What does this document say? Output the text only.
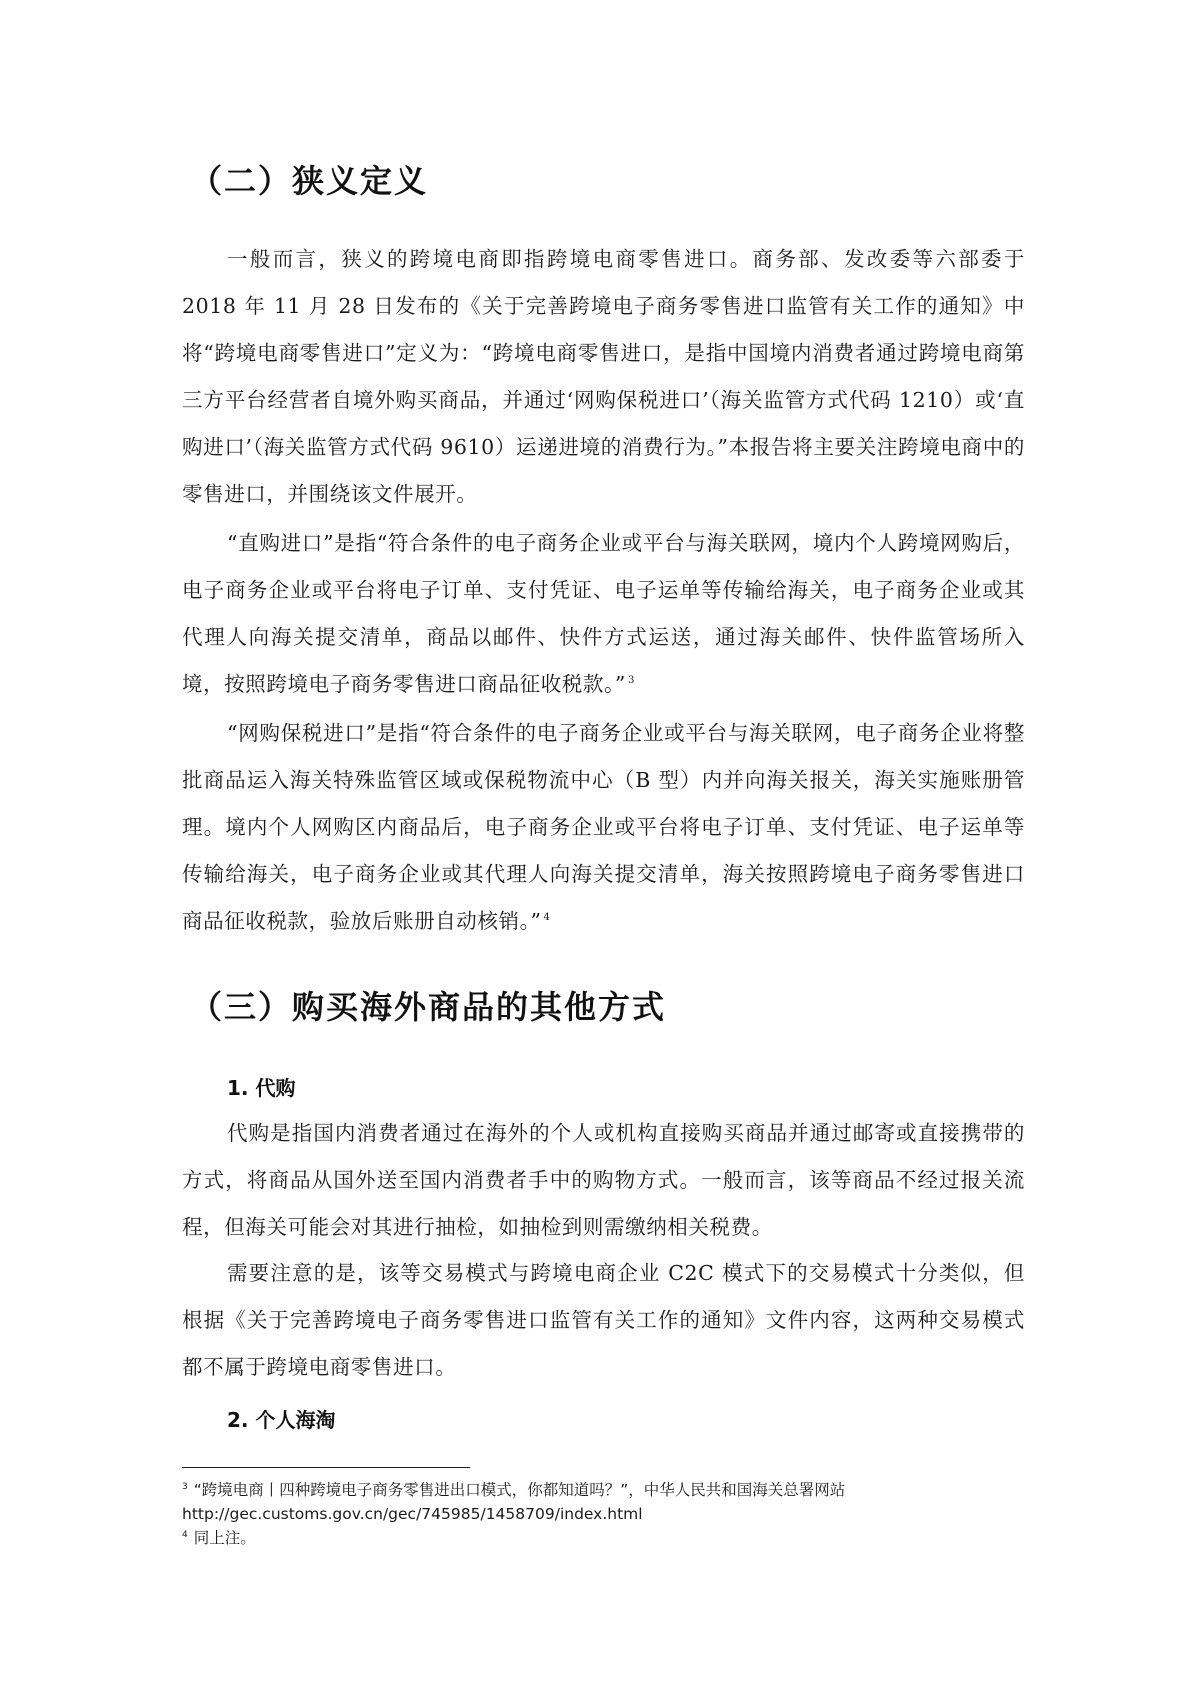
（二）狭义定义

一般而言，狭义的跨境电商即指跨境电商零售进口。商务部、发改委等六部委于 2018 年 11 月 28 日发布的《关于完善跨境电子商务零售进口监管有关工作的通知》中将“跨境电商零售进口”定义为：“跨境电商零售进口，是指中国境内消费者通过跨境电商第三方平台经营者自境外购买商品，并通过‘网购保税进口’（海关监管方式代码 1210）或‘直购进口’（海关监管方式代码 9610）运递进境的消费行为。”本报告将主要关注跨境电商中的零售进口，并围绕该文件展开。

“直购进口”是指“符合条件的电子商务企业或平台与海关联网，境内个人跨境网购后，电子商务企业或平台将电子订单、支付凭证、电子运单等传输给海关，电子商务企业或其代理人向海关提交清单，商品以邮件、快件方式运送，通过海关邮件、快件监管场所入境，按照跨境电子商务零售进口商品征收税款。” $^3$

“网购保税进口”是指“符合条件的电子商务企业或平台与海关联网，电子商务企业将整批商品运入海关特殊监管区域或保税物流中心（B 型）内并向海关报关，海关实施账册管理。境内个人网购区内商品后，电子商务企业或平台将电子订单、支付凭证、电子运单等传输给海关，电子商务企业或其代理人向海关提交清单，海关按照跨境电子商务零售进口商品征收税款，验放后账册自动核销。” $^4$

（三）购买海外商品的其他方式
1. 代购

代购是指国内消费者通过在海外的个人或机构直接购买商品并通过邮寄或直接携带的方式，将商品从国外送至国内消费者手中的购物方式。一般而言，该等商品不经过报关流程，但海关可能会对其进行抽检，如抽检到则需缴纳相关税费。

需要注意的是，该等交易模式与跨境电商企业 C2C 模式下的交易模式十分类似，但根据《关于完善跨境电子商务零售进口监管有关工作的通知》文件内容，这两种交易模式都不属于跨境电商零售进口。

2. 个人海淘

$^3$ “跨境电商丨四种跨境电子商务零售进出口模式，你都知道吗？”，中华人民共和国海关总署网站
http://gec.customs.gov.cn/gec/745985/1458709/index.html

$^4$ 同上注。
